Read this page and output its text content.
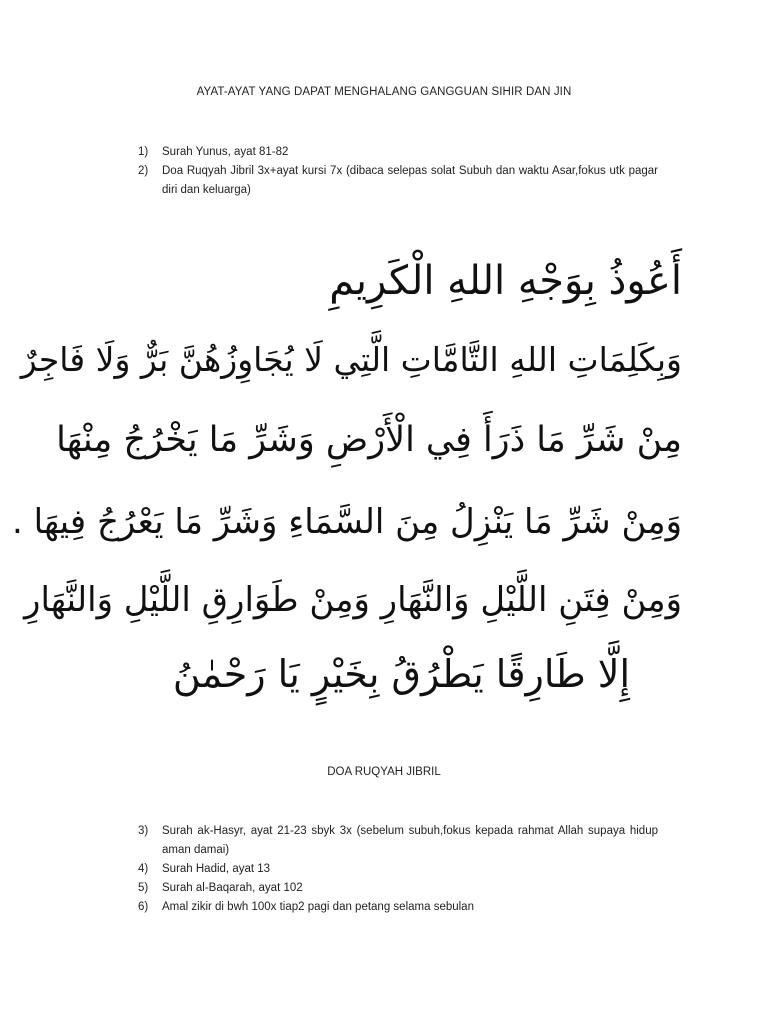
AYAT-AYAT YANG DAPAT MENGHALANG GANGGUAN SIHIR DAN JIN
1) Surah Yunus, ayat 81-82
2) Doa Ruqyah Jibril 3x+ayat kursi 7x (dibaca selepas solat Subuh dan waktu Asar,fokus utk pagar diri dan keluarga)
أَعُوذُ بِوَجْهِ اللهِ الْكَرِيمِ
وَبِكَلِمَاتِ اللهِ التَّامَّاتِ الَّتِي لَا يُجَاوِزُهُنَّ بَرٌّ وَلَا فَاجِرٌ
مِنْ شَرِّ مَا ذَرَأَ فِي الْأَرْضِ وَشَرِّ مَا يَخْرُجُ مِنْهَا
وَمِنْ شَرِّ مَا يَنْزِلُ مِنَ السَّمَاءِ وَشَرِّ مَا يَعْرُجُ فِيهَا .
وَمِنْ فِتَنِ اللَّيْلِ وَالنَّهَارِ وَمِنْ طَوَارِقِ اللَّيْلِ وَالنَّهَارِ
إِلَّا طَارِقًا يَطْرُقُ بِخَيْرٍ يَا رَحْمٰنُ
DOA RUQYAH JIBRIL
3) Surah ak-Hasyr, ayat 21-23 sbyk 3x (sebelum subuh,fokus kepada rahmat Allah supaya hidup aman damai)
4) Surah Hadid, ayat 13
5) Surah al-Baqarah, ayat 102
6) Amal zikir di bwh 100x tiap2 pagi dan petang selama sebulan
